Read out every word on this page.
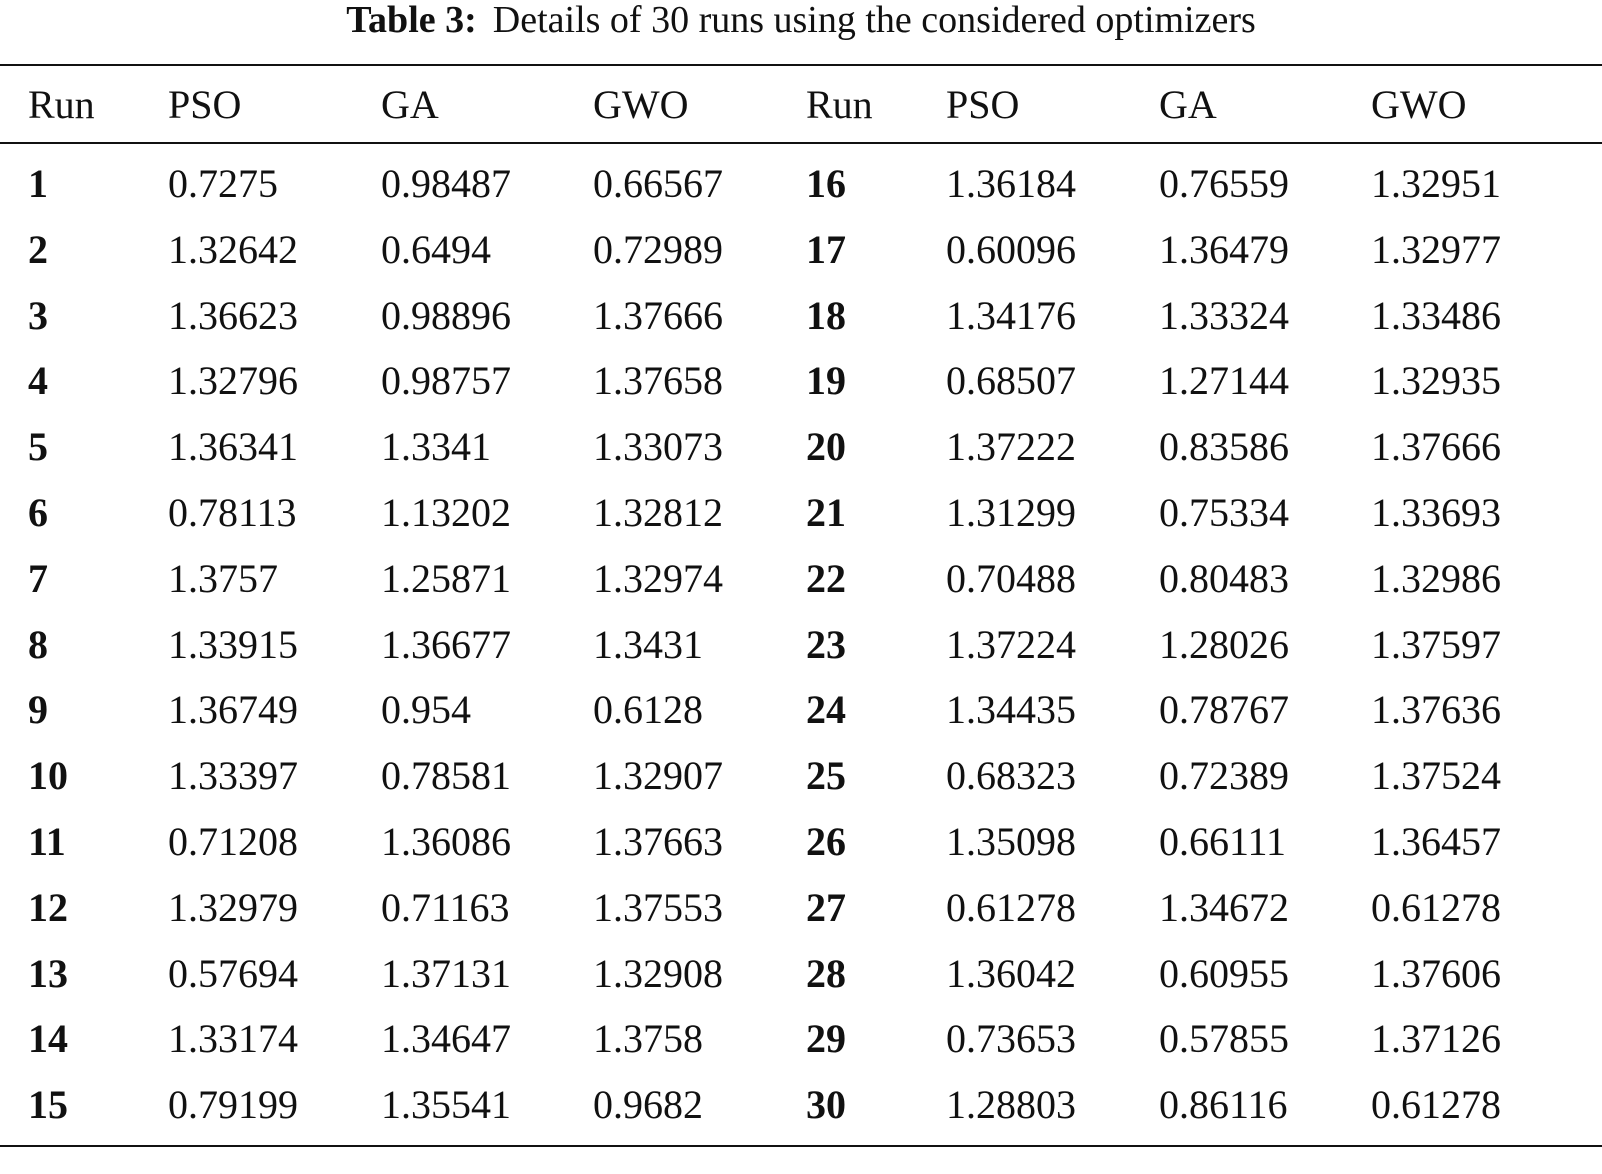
Table 3: Details of 30 runs using the considered optimizers
Run PSO	GA	GWO	Run PSO	GA	GWO
1	0.7275	0.98487 0.66567 16	1.36184 0.76559 1.32951
2	1.32642 0.6494	0.72989 17	0.60096 1.36479 1.32977
3	1.36623 0.98896 1.37666 18	1.34176 1.33324 1.33486
4	1.32796 0.98757 1.37658 19	0.68507 1.27144 1.32935
5	1.36341 1.3341	1.33073 20	1.37222 0.83586 1.37666
6	0.78113 1.13202 1.32812 21	1.31299 0.75334 1.33693
7	1.3757	1.25871 1.32974 22	0.70488 0.80483 1.32986
8	1.33915 1.36677 1.3431	23	1.37224 1.28026 1.37597
9	1.36749 0.954	0.6128	24	1.34435 0.78767 1.37636
10	1.33397 0.78581 1.32907 25	0.68323 0.72389 1.37524
11	0.71208 1.36086 1.37663 26	1.35098 0.66111 1.36457
12	1.32979 0.71163 1.37553 27	0.61278 1.34672 0.61278
13	0.57694 1.37131 1.32908 28	1.36042 0.60955 1.37606
14	1.33174 1.34647 1.3758	29	0.73653 0.57855 1.37126
15	0.79199 1.35541 0.9682	30	1.28803 0.86116 0.61278
